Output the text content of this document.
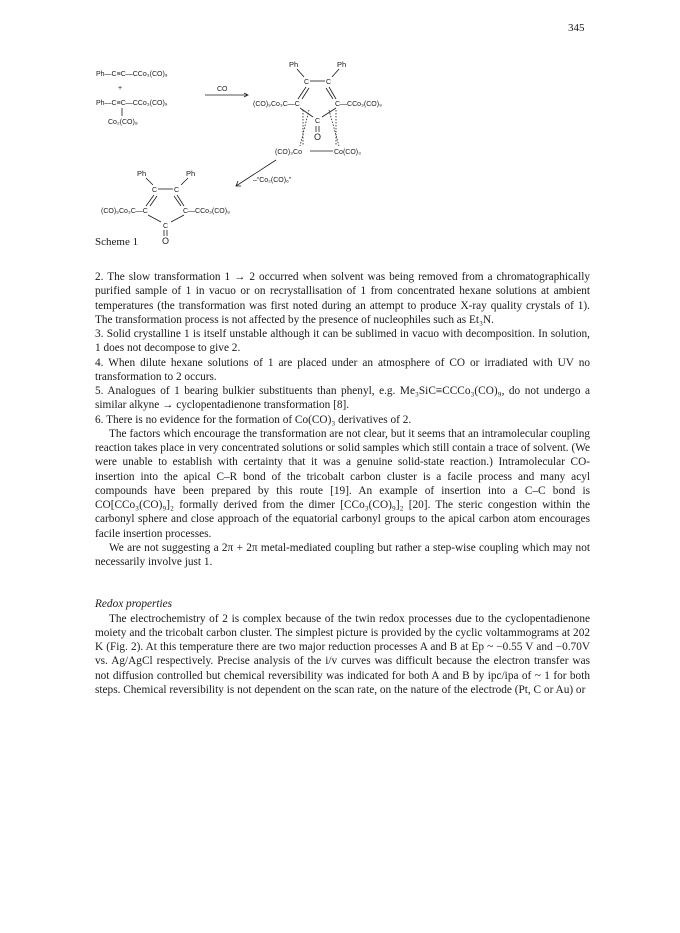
345
Ph—C≡C—CCo₃(CO)₉
+
Ph—C≡C—CCo₃(CO)₉
Co₂(CO)₈
CO
Ph	Ph
C C
(CO)₉Co₃C—C	C—CCo₃(CO)₉
C
O
(CO)₃Co	Co(CO)₃
–“Co₂(CO)₆”
Ph	Ph
C C
(CO)₉Co₃C—C	C—CCo₃(CO)₉
C
O
Scheme 1

2. The slow transformation 1 → 2 occurred when solvent was being removed from a chromatographically purified sample of 1 in vacuo or on recrystallisation of 1 from concentrated hexane solutions at ambient temperatures (the transformation was first noted during an attempt to produce X-ray quality crystals of 1). The transformation process is not affected by the presence of nucleophiles such as Et₃N.

3. Solid crystalline 1 is itself unstable although it can be sublimed in vacuo with decomposition. In solution, 1 does not decompose to give 2.

4. When dilute hexane solutions of 1 are placed under an atmosphere of CO or irradiated with UV no transformation to 2 occurs.

5. Analogues of 1 bearing bulkier substituents than phenyl, e.g. Me₃SiC≡CCCo₃(CO)₉, do not undergo a similar alkyne → cyclopentadienone transformation [8].

6. There is no evidence for the formation of Co(CO)₃ derivatives of 2.

The factors which encourage the transformation are not clear, but it seems that an intramolecular coupling reaction takes place in very concentrated solutions or solid samples which still contain a trace of solvent. (We were unable to establish with certainty that it was a genuine solid-state reaction.) Intramolecular CO-insertion into the apical C–R bond of the tricobalt carbon cluster is a facile process and many acyl compounds have been prepared by this route [19]. An example of insertion into a C–C bond is CO[CCo₃(CO)₉]₂ formally derived from the dimer [CCo₃(CO)₉]₂ [20]. The steric congestion within the carbonyl sphere and close approach of the equatorial carbonyl groups to the apical carbon atom encourages facile insertion processes.

We are not suggesting a 2π + 2π metal-mediated coupling but rather a step-wise coupling which may not necessarily involve just 1.

Redox properties

The electrochemistry of 2 is complex because of the twin redox processes due to the cyclopentadienone moiety and the tricobalt carbon cluster. The simplest picture is provided by the cyclic voltammograms at 202 K (Fig. 2). At this temperature there are two major reduction processes A and B at Ep ~ −0.55 V and −0.70V vs. Ag/AgCl respectively. Precise analysis of the i/v curves was difficult because the electron transfer was not diffusion controlled but chemical reversibility was indicated for both A and B by ipc/ipa of ~ 1 for both steps. Chemical reversibility is not dependent on the scan rate, on the nature of the electrode (Pt, C or Au) or
